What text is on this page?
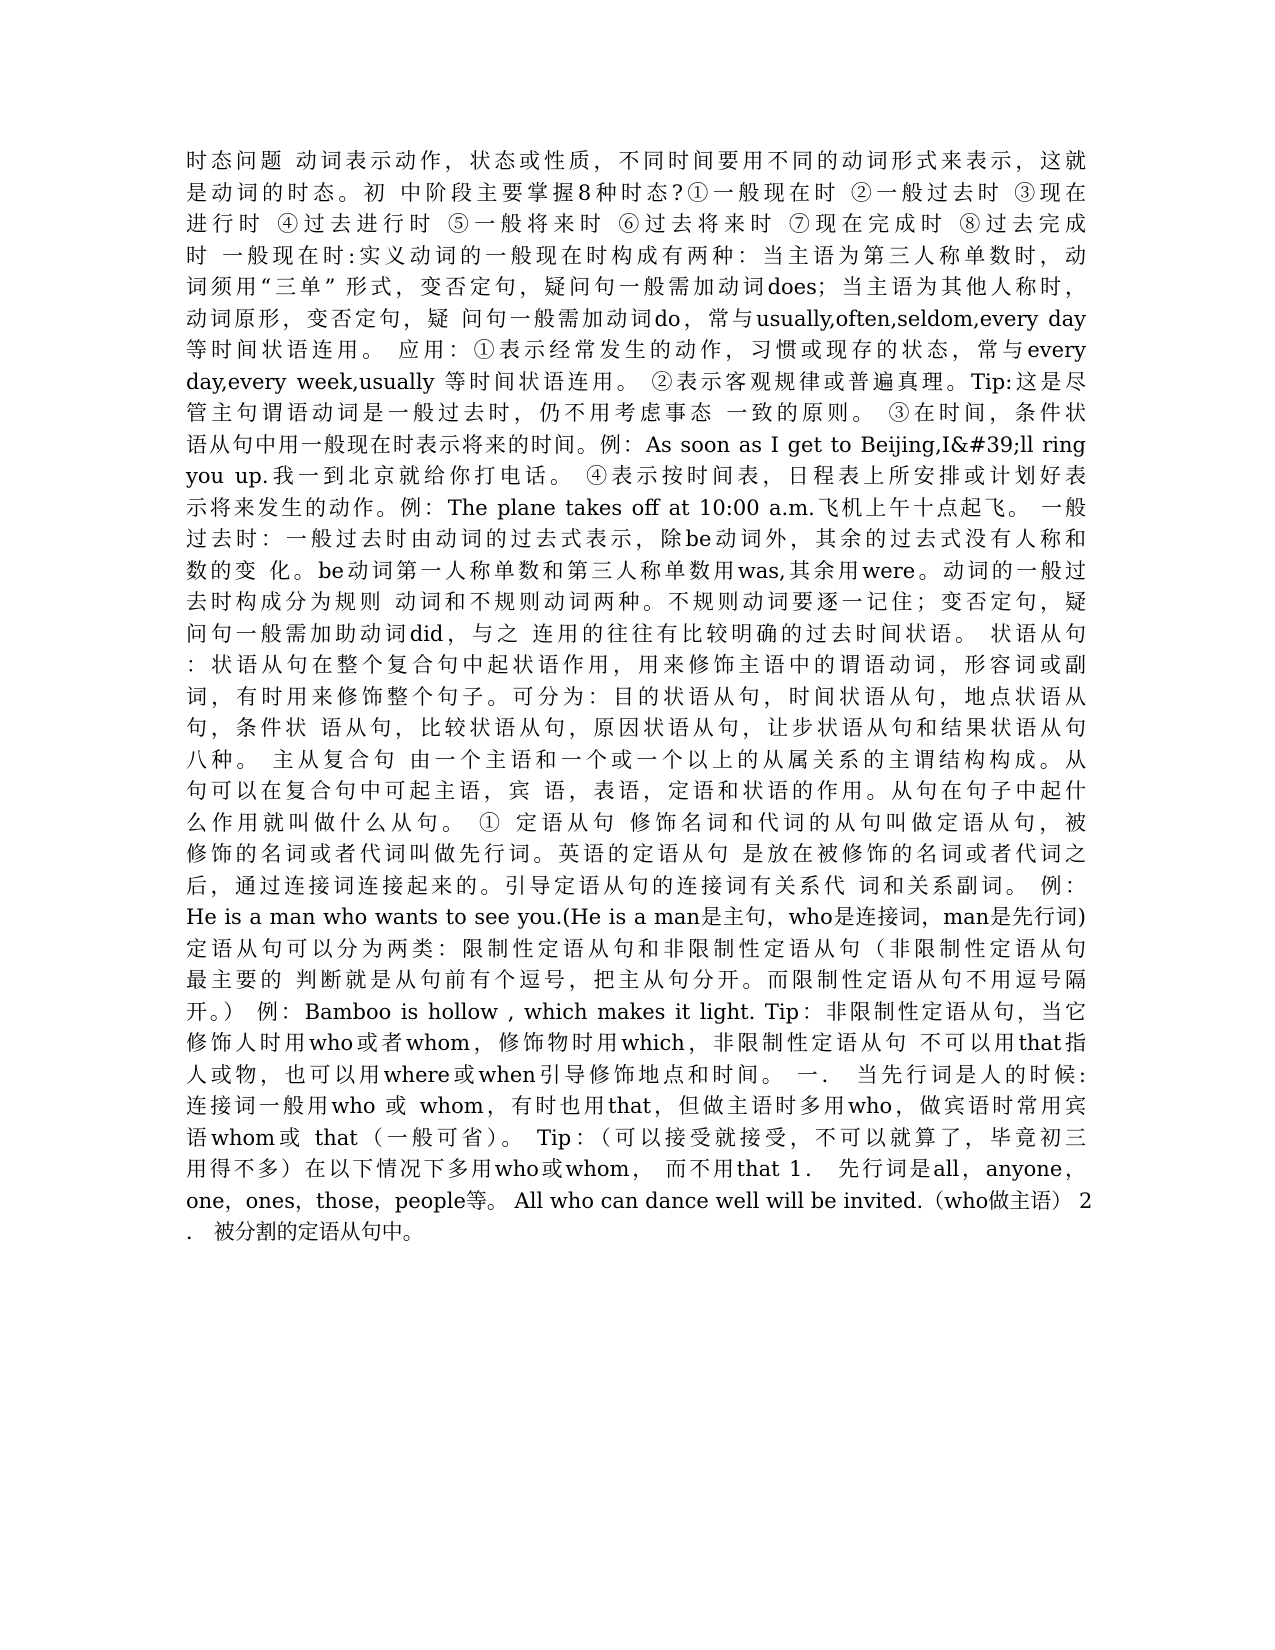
时态问题 动词表示动作，状态或性质，不同时间要用不同的动词形式来表示，这就
是动词的时态。初 中阶段主要掌握8种时态?①一般现在时 ②一般过去时 ③现在
进行时 ④过去进行时 ⑤一般将来时 ⑥过去将来时 ⑦现在完成时 ⑧过去完成
时 一般现在时:实义动词的一般现在时构成有两种：当主语为第三人称单数时，动
词须用“三单” 形式，变否定句，疑问句一般需加动词does；当主语为其他人称时，
动词原形，变否定句，疑 问句一般需加动词do，常与usually,often,seldom,every day
等时间状语连用。 应用：①表示经常发生的动作，习惯或现存的状态，常与every
day,every week,usually 等时间状语连用。 ②表示客观规律或普遍真理。Tip:这是尽
管主句谓语动词是一般过去时，仍不用考虑事态 一致的原则。 ③在时间，条件状
语从句中用一般现在时表示将来的时间。例：As soon as I get to Beijing,I&#39;ll ring
you up.我一到北京就给你打电话。 ④表示按时间表，日程表上所安排或计划好表
示将来发生的动作。例：The plane takes off at 10:00 a.m.飞机上午十点起飞。 一般
过去时：一般过去时由动词的过去式表示，除be动词外，其余的过去式没有人称和
数的变 化。be动词第一人称单数和第三人称单数用was,其余用were。动词的一般过
去时构成分为规则 动词和不规则动词两种。不规则动词要逐一记住；变否定句，疑
问句一般需加助动词did，与之 连用的往往有比较明确的过去时间状语。 状语从句
：状语从句在整个复合句中起状语作用，用来修饰主语中的谓语动词，形容词或副
词，有时用来修饰整个句子。可分为：目的状语从句，时间状语从句，地点状语从
句，条件状 语从句，比较状语从句，原因状语从句，让步状语从句和结果状语从句
八种。 主从复合句 由一个主语和一个或一个以上的从属关系的主谓结构构成。从
句可以在复合句中可起主语，宾 语，表语，定语和状语的作用。从句在句子中起什
么作用就叫做什么从句。 ① 定语从句 修饰名词和代词的从句叫做定语从句，被
修饰的名词或者代词叫做先行词。英语的定语从句 是放在被修饰的名词或者代词之
后，通过连接词连接起来的。引导定语从句的连接词有关系代 词和关系副词。 例：
He is a man who wants to see you.(He is a man是主句，who是连接词，man是先行词)
定语从句可以分为两类：限制性定语从句和非限制性定语从句（非限制性定语从句
最主要的 判断就是从句前有个逗号，把主从句分开。而限制性定语从句不用逗号隔
开。） 例：Bamboo is hollow , which makes it light. Tip：非限制性定语从句，当它
修饰人时用who或者whom，修饰物时用which，非限制性定语从句 不可以用that指
人或物，也可以用where或when引导修饰地点和时间。 一． 当先行词是人的时候:
连接词一般用who 或 whom，有时也用that，但做主语时多用who，做宾语时常用宾
语whom或 that（一般可省）。 Tip：（可以接受就接受，不可以就算了，毕竟初三
用得不多）在以下情况下多用who或whom， 而不用that 1． 先行词是all，anyone，
one，ones，those，people等。 All who can dance well will be invited.（who做主语） 2
． 被分割的定语从句中。
